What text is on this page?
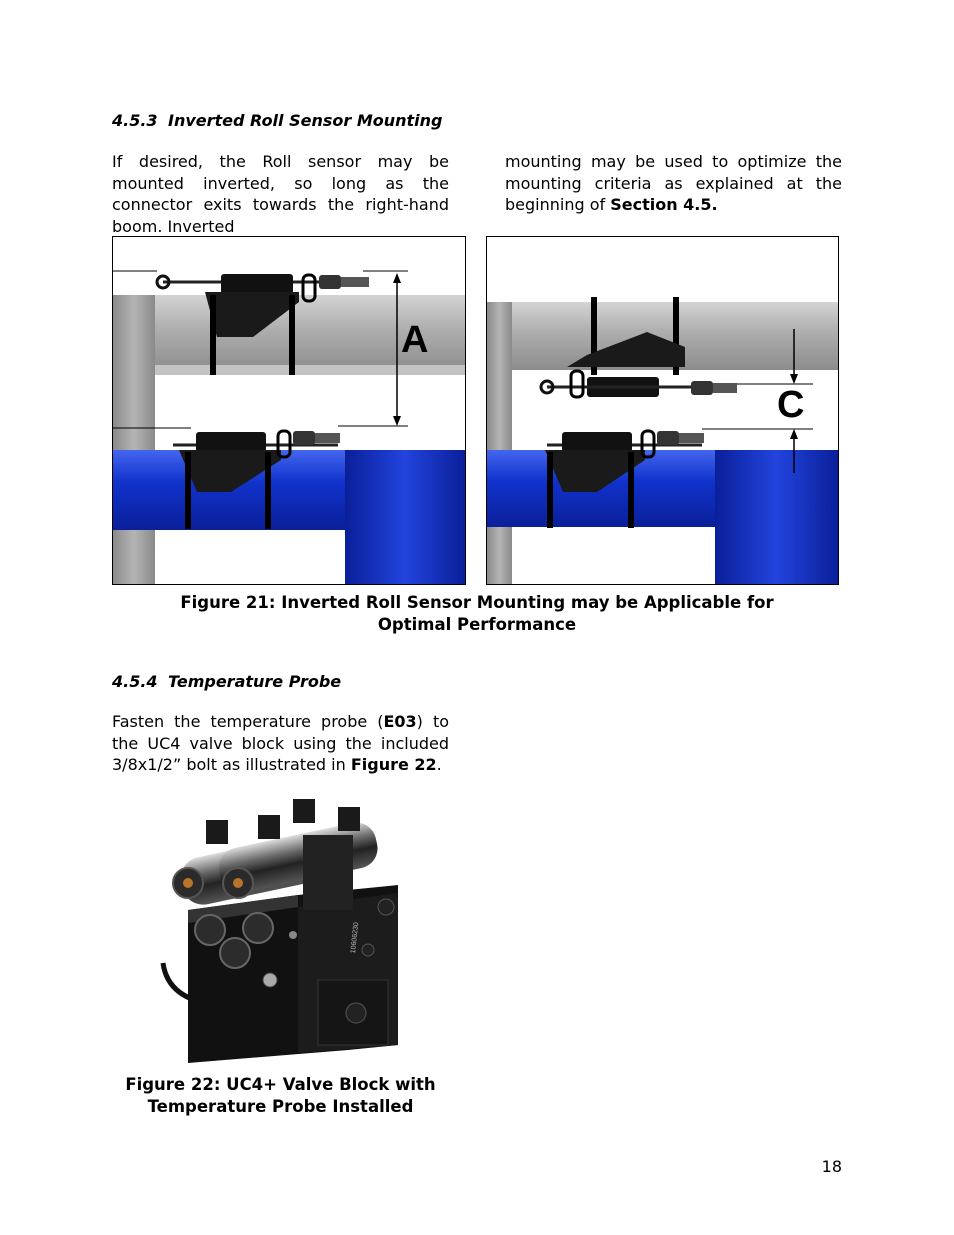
4.5.3 Inverted Roll Sensor Mounting
If desired, the Roll sensor may be mounted inverted, so long as the connector exits towards the right-hand boom. Inverted
mounting may be used to optimize the mounting criteria as explained at the beginning of Section 4.5.
A
C
Figure 21: Inverted Roll Sensor Mounting may be Applicable for Optimal Performance
4.5.4 Temperature Probe
Fasten the temperature probe (E03) to the UC4 valve block using the included 3/8x1/2” bolt as illustrated in Figure 22.
10606230
Figure 22: UC4+ Valve Block with Temperature Probe Installed
18
